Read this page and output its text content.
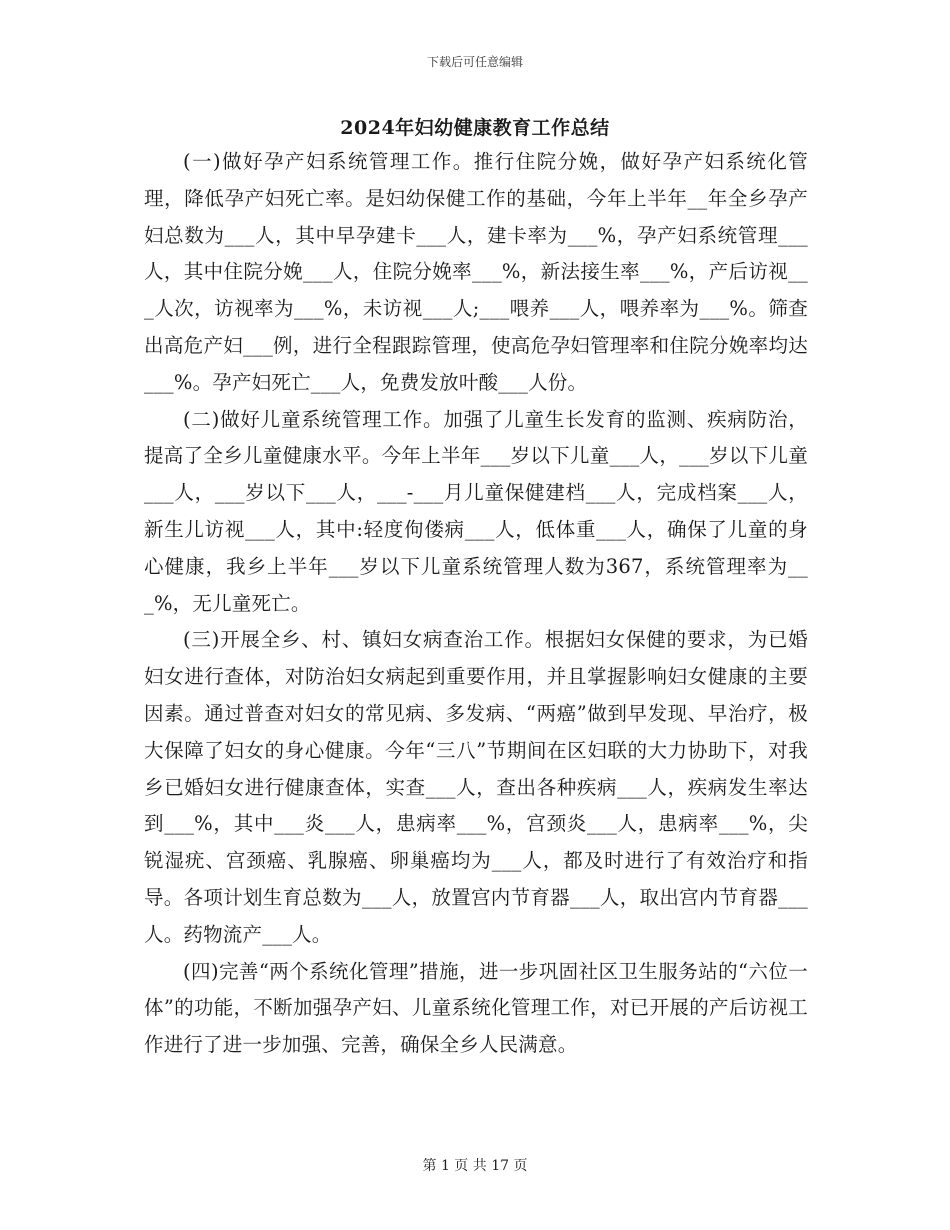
下载后可任意编辑
2024年妇幼健康教育工作总结

(一)做好孕产妇系统管理工作。推行住院分娩，做好孕产妇系统化管理，降低孕产妇死亡率。是妇幼保健工作的基础，今年上半年__年全乡孕产妇总数为___人，其中早孕建卡___人，建卡率为___%，孕产妇系统管理___人，其中住院分娩___人，住院分娩率___%，新法接生率___%，产后访视___人次，访视率为___%，未访视___人;___喂养___人，喂养率为___%。筛查出高危产妇___例，进行全程跟踪管理，使高危孕妇管理率和住院分娩率均达___%。孕产妇死亡___人，免费发放叶酸___人份。

(二)做好儿童系统管理工作。加强了儿童生长发育的监测、疾病防治，提高了全乡儿童健康水平。今年上半年___岁以下儿童___人，___岁以下儿童___人，___岁以下___人，___-___月儿童保健建档___人，完成档案___人，新生儿访视___人，其中:轻度佝偻病___人，低体重___人，确保了儿童的身心健康，我乡上半年___岁以下儿童系统管理人数为367，系统管理率为___%，无儿童死亡。

(三)开展全乡、村、镇妇女病查治工作。根据妇女保健的要求，为已婚妇女进行查体，对防治妇女病起到重要作用，并且掌握影响妇女健康的主要因素。通过普查对妇女的常见病、多发病、“两癌”做到早发现、早治疗，极大保障了妇女的身心健康。今年“三八”节期间在区妇联的大力协助下，对我乡已婚妇女进行健康查体，实查___人，查出各种疾病___人，疾病发生率达到___%，其中___炎___人，患病率___%，宫颈炎___人，患病率___%，尖锐湿疣、宫颈癌、乳腺癌、卵巢癌均为___人，都及时进行了有效治疗和指导。各项计划生育总数为___人，放置宫内节育器___人，取出宫内节育器___人。药物流产___人。

(四)完善“两个系统化管理”措施，进一步巩固社区卫生服务站的“六位一体”的功能，不断加强孕产妇、儿童系统化管理工作，对已开展的产后访视工作进行了进一步加强、完善，确保全乡人民满意。

第 1 页 共 17 页
